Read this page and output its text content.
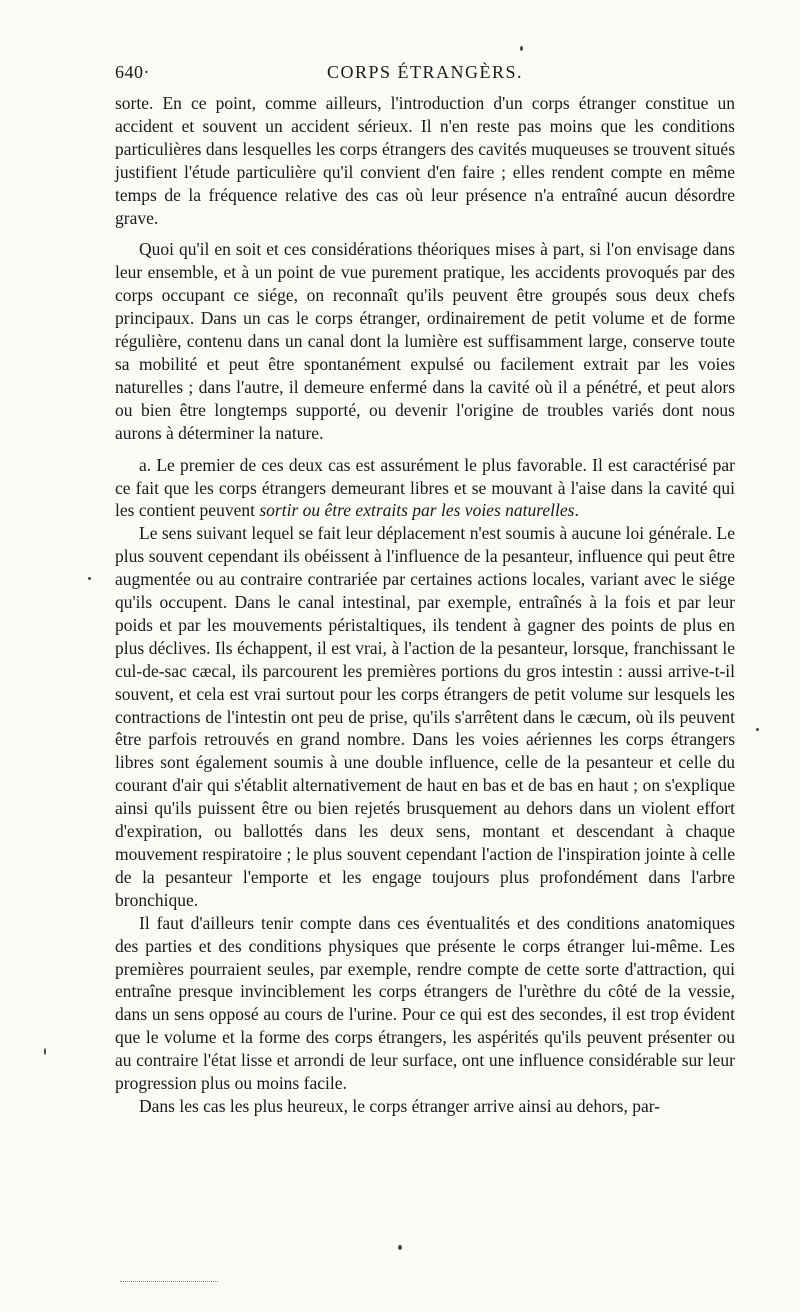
640·	CORPS ÉTRANGÈRS.

sorte. En ce point, comme ailleurs, l'introduction d'un corps étranger constitue un accident et souvent un accident sérieux. Il n'en reste pas moins que les conditions particulières dans lesquelles les corps étrangers des cavités muqueuses se trouvent situés justifient l'étude particulière qu'il convient d'en faire ; elles rendent compte en même temps de la fréquence relative des cas où leur présence n'a entraîné aucun désordre grave.

Quoi qu'il en soit et ces considérations théoriques mises à part, si l'on envisage dans leur ensemble, et à un point de vue purement pratique, les accidents provoqués par des corps occupant ce siége, on reconnaît qu'ils peuvent être groupés sous deux chefs principaux. Dans un cas le corps étranger, ordinairement de petit volume et de forme régulière, contenu dans un canal dont la lumière est suffisamment large, conserve toute sa mobilité et peut être spontanément expulsé ou facilement extrait par les voies naturelles ; dans l'autre, il demeure enfermé dans la cavité où il a pénétré, et peut alors ou bien être longtemps supporté, ou devenir l'origine de troubles variés dont nous aurons à déterminer la nature.

a. Le premier de ces deux cas est assurément le plus favorable. Il est caractérisé par ce fait que les corps étrangers demeurant libres et se mouvant à l'aise dans la cavité qui les contient peuvent sortir ou être extraits par les voies naturelles.

Le sens suivant lequel se fait leur déplacement n'est soumis à aucune loi générale. Le plus souvent cependant ils obéissent à l'influence de la pesanteur, influence qui peut être augmentée ou au contraire contrariée par certaines actions locales, variant avec le siége qu'ils occupent. Dans le canal intestinal, par exemple, entraînés à la fois et par leur poids et par les mouvements péristaltiques, ils tendent à gagner des points de plus en plus déclives. Ils échappent, il est vrai, à l'action de la pesanteur, lorsque, franchissant le cul-de-sac cæcal, ils parcourent les premières portions du gros intestin : aussi arrive-t-il souvent, et cela est vrai surtout pour les corps étrangers de petit volume sur lesquels les contractions de l'intestin ont peu de prise, qu'ils s'arrêtent dans le cæcum, où ils peuvent être parfois retrouvés en grand nombre. Dans les voies aériennes les corps étrangers libres sont également soumis à une double influence, celle de la pesanteur et celle du courant d'air qui s'établit alternativement de haut en bas et de bas en haut ; on s'explique ainsi qu'ils puissent être ou bien rejetés brusquement au dehors dans un violent effort d'expiration, ou ballottés dans les deux sens, montant et descendant à chaque mouvement respiratoire ; le plus souvent cependant l'action de l'inspiration jointe à celle de la pesanteur l'emporte et les engage toujours plus profondément dans l'arbre bronchique.

Il faut d'ailleurs tenir compte dans ces éventualités et des conditions anatomiques des parties et des conditions physiques que présente le corps étranger lui-même. Les premières pourraient seules, par exemple, rendre compte de cette sorte d'attraction, qui entraîne presque invinciblement les corps étrangers de l'urèthre du côté de la vessie, dans un sens opposé au cours de l'urine. Pour ce qui est des secondes, il est trop évident que le volume et la forme des corps étrangers, les aspérités qu'ils peuvent présenter ou au contraire l'état lisse et arrondi de leur surface, ont une influence considérable sur leur progression plus ou moins facile.

Dans les cas les plus heureux, le corps étranger arrive ainsi au dehors, par-
